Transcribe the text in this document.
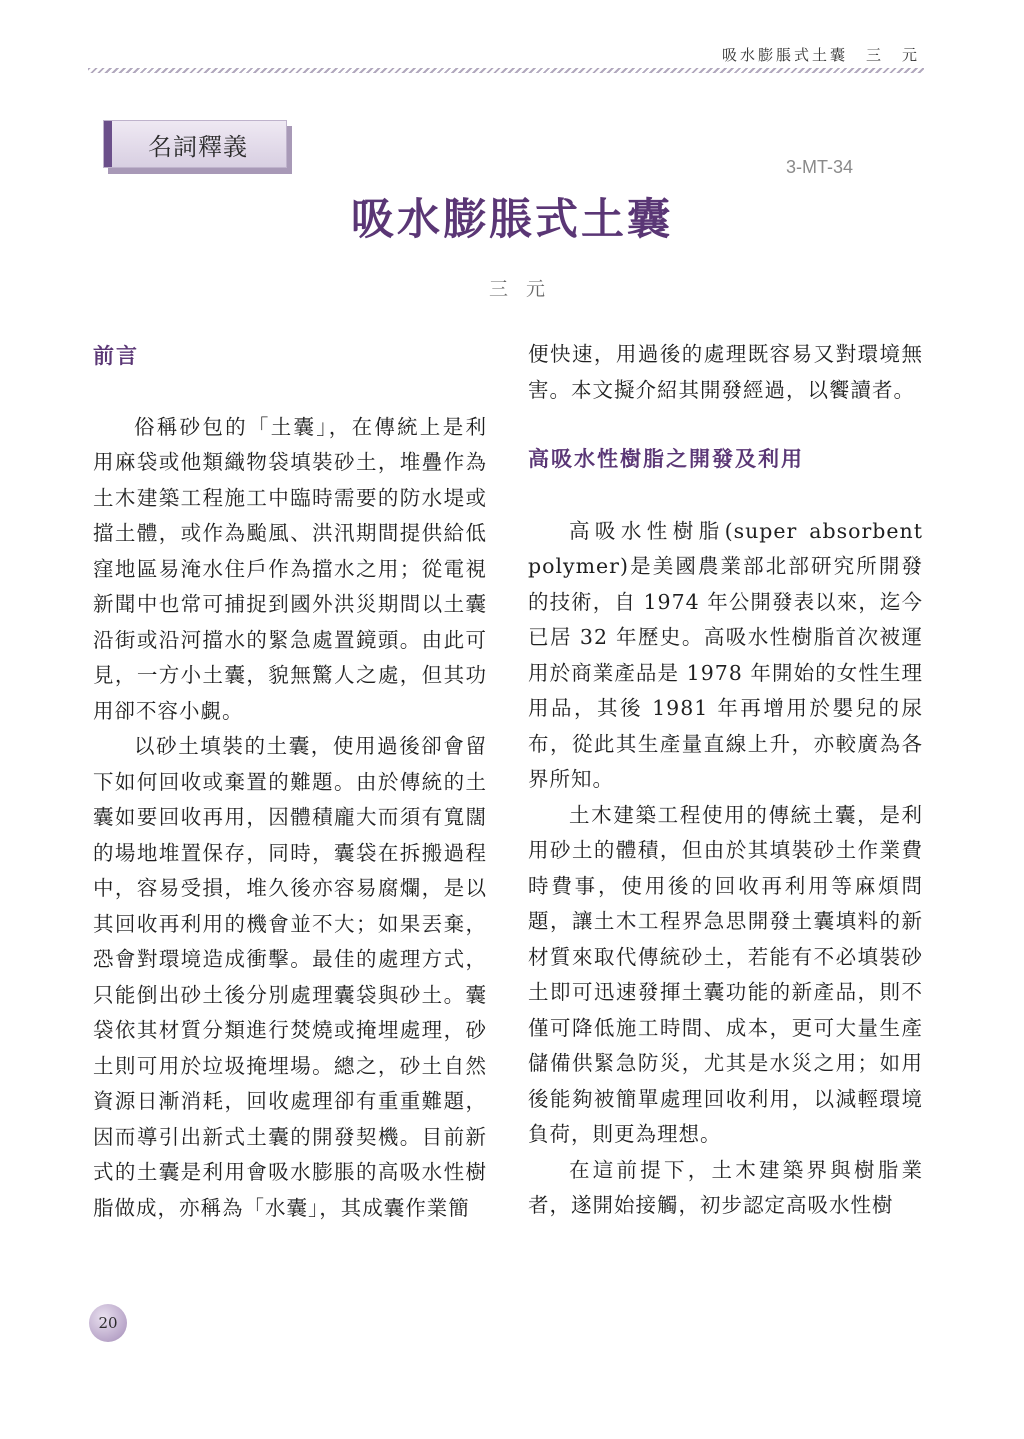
吸水膨脹式土囊　三　元
名詞釋義
3-MT-34
吸水膨脹式土囊
三元
前言

俗稱砂包的「土囊」，在傳統上是利用麻袋或他類織物袋填裝砂土，堆疊作為土木建築工程施工中臨時需要的防水堤或擋土體，或作為颱風、洪汛期間提供給低窪地區易淹水住戶作為擋水之用；從電視新聞中也常可捕捉到國外洪災期間以土囊沿街或沿河擋水的緊急處置鏡頭。由此可見，一方小土囊，貌無驚人之處，但其功用卻不容小覷。

以砂土填裝的土囊，使用過後卻會留下如何回收或棄置的難題。由於傳統的土囊如要回收再用，因體積龐大而須有寬闊的場地堆置保存，同時，囊袋在拆搬過程中，容易受損，堆久後亦容易腐爛，是以其回收再利用的機會並不大；如果丟棄，恐會對環境造成衝擊。最佳的處理方式，只能倒出砂土後分別處理囊袋與砂土。囊袋依其材質分類進行焚燒或掩埋處理，砂土則可用於垃圾掩埋場。總之，砂土自然資源日漸消耗，回收處理卻有重重難題，因而導引出新式土囊的開發契機。目前新式的土囊是利用會吸水膨脹的高吸水性樹脂做成，亦稱為「水囊」，其成囊作業簡

便快速，用過後的處理既容易又對環境無害。本文擬介紹其開發經過，以饗讀者。

高吸水性樹脂之開發及利用

高吸水性樹脂(super absorbent polymer)是美國農業部北部研究所開發的技術，自 1974 年公開發表以來，迄今已居 32 年歷史。高吸水性樹脂首次被運用於商業產品是 1978 年開始的女性生理用品，其後 1981 年再增用於嬰兒的尿布，從此其生產量直線上升，亦較廣為各界所知。

土木建築工程使用的傳統土囊，是利用砂土的體積，但由於其填裝砂土作業費時費事，使用後的回收再利用等麻煩問題，讓土木工程界急思開發土囊填料的新材質來取代傳統砂土，若能有不必填裝砂土即可迅速發揮土囊功能的新產品，則不僅可降低施工時間、成本，更可大量生產儲備供緊急防災，尤其是水災之用；如用後能夠被簡單處理回收利用，以減輕環境負荷，則更為理想。

在這前提下，土木建築界與樹脂業者，遂開始接觸，初步認定高吸水性樹

20
